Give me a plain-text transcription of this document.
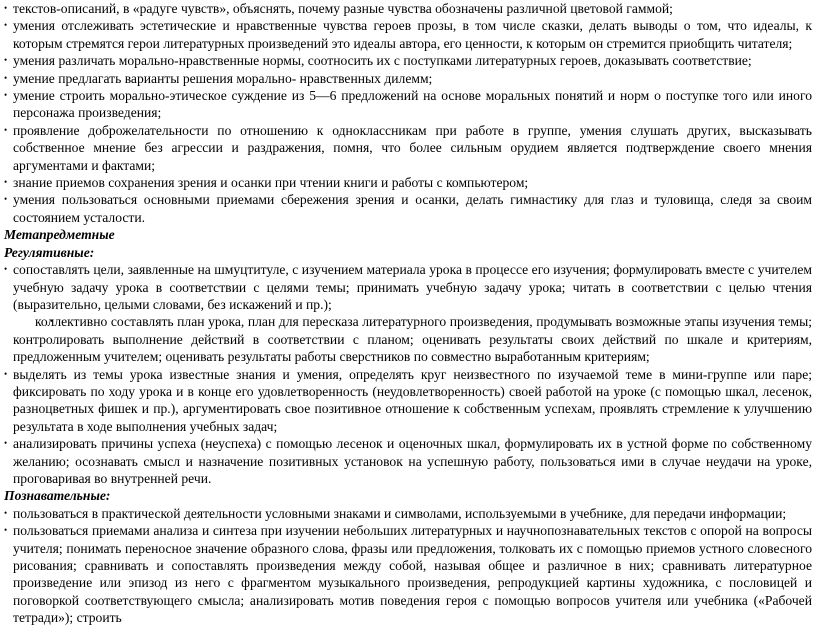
• текстов-описаний, в «радуге чувств», объяснять, почему разные чувства обозначены различной цветовой гаммой;

• умения отслеживать эстетические и нравственные чувства героев прозы, в том числе сказки, делать выводы о том, что идеалы, к которым стремятся герои литературных произведений это идеалы автора, его ценности, к которым он стремится приобщить читателя;

• умения различать морально-нравственные нормы, соотносить их с поступками литературных героев, доказывать соответствие;

• умение предлагать варианты решения морально- нравственных дилемм;

• умение строить морально-этическое суждение из 5—6 предложений на основе моральных понятий и норм о поступке того или иного персонажа произведения;

• проявление доброжелательности по отношению к одноклассникам при работе в группе, умения слушать других, высказывать собственное мнение без агрессии и раздражения, помня, что более сильным орудием является подтверждение своего мнения аргументами и фактами;

• знание приемов сохранения зрения и осанки при чтении книги и работы с компьютером;

• умения пользоваться основными приемами сбережения зрения и осанки, делать гимнастику для глаз и туловища, следя за своим состоянием усталости.

Метапредметные

Регулятивные:

• сопоставлять цели, заявленные на шмуцтитуле, с изучением материала урока в процессе его изучения; формулировать вместе с учителем учебную задачу урока в соответствии с целями темы; принимать учебную задачу урока; читать в соответствии с целью чтения (выразительно, целыми словами, без искажений и пр.);

• коллективно составлять план урока, план для пересказа литературного произведения, продумывать возможные этапы изучения темы; контролировать выполнение действий в соответствии с планом; оценивать результаты своих действий по шкале и критериям, предложенным учителем; оценивать результаты работы сверстников по совместно выработанным критериям;

• выделять из темы урока известные знания и умения, определять круг неизвестного по изучаемой теме в мини-группе или паре; фиксировать по ходу урока и в конце его удовлетворенность (неудовлетворенность) своей работой на уроке (с помощью шкал, лесенок, разноцветных фишек и пр.), аргументировать свое позитивное отношение к собственным успехам, проявлять стремление к улучшению результата в ходе выполнения учебных задач;

• анализировать причины успеха (неуспеха) с помощью лесенок и оценочных шкал, формулировать их в устной форме по собственному желанию; осознавать смысл и назначение позитивных установок на успешную работу, пользоваться ими в случае неудачи на уроке, проговаривая во внутренней речи.

Познавательные:

• пользоваться в практической деятельности условными знаками и символами, используемыми в учебнике, для передачи информации;

• пользоваться приемами анализа и синтеза при изучении небольших литературных и научнопознавательных текстов с опорой на вопросы учителя; понимать переносное значение образного слова, фразы или предложения, толковать их с помощью приемов устного словесного рисования; сравнивать и сопоставлять произведения между собой, называя общее и различное в них; сравнивать литературное произведение или эпизод из него с фрагментом музыкального произведения, репродукцией картины художника, с пословицей и поговоркой соответствующего смысла; анализировать мотив поведения героя с помощью вопросов учителя или учебника («Рабочей тетради»); строить
